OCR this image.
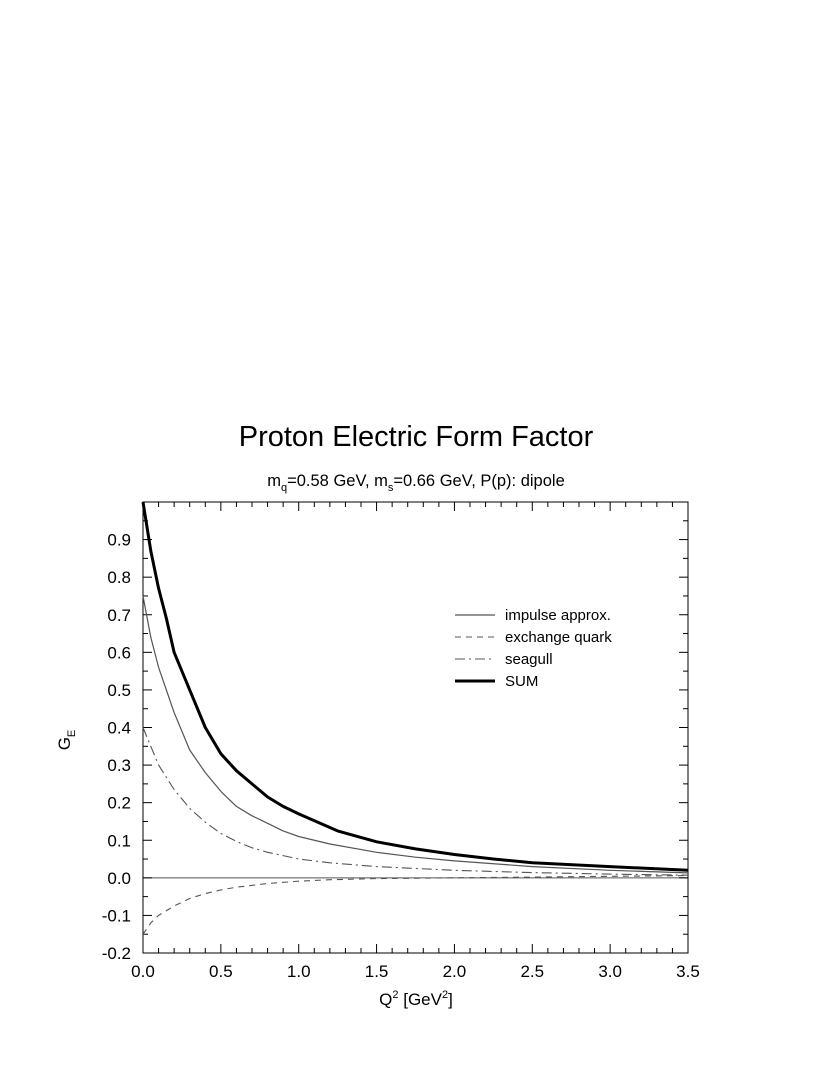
Proton Electric Form Factor
$m_q=0.58$ GeV, $m_s=0.66$ GeV, P(p): dipole
0.0	0.5	1.0	1.5	2.0	2.5	3.0	3.5
-0.2
-0.1
0.0
0.1
0.2
0.3
0.4
0.5
0.6
0.7
0.8
0.9
impulse approx.
exchange quark
seagull
SUM
$Q^2$ [GeV$^2$]
$G_E$
